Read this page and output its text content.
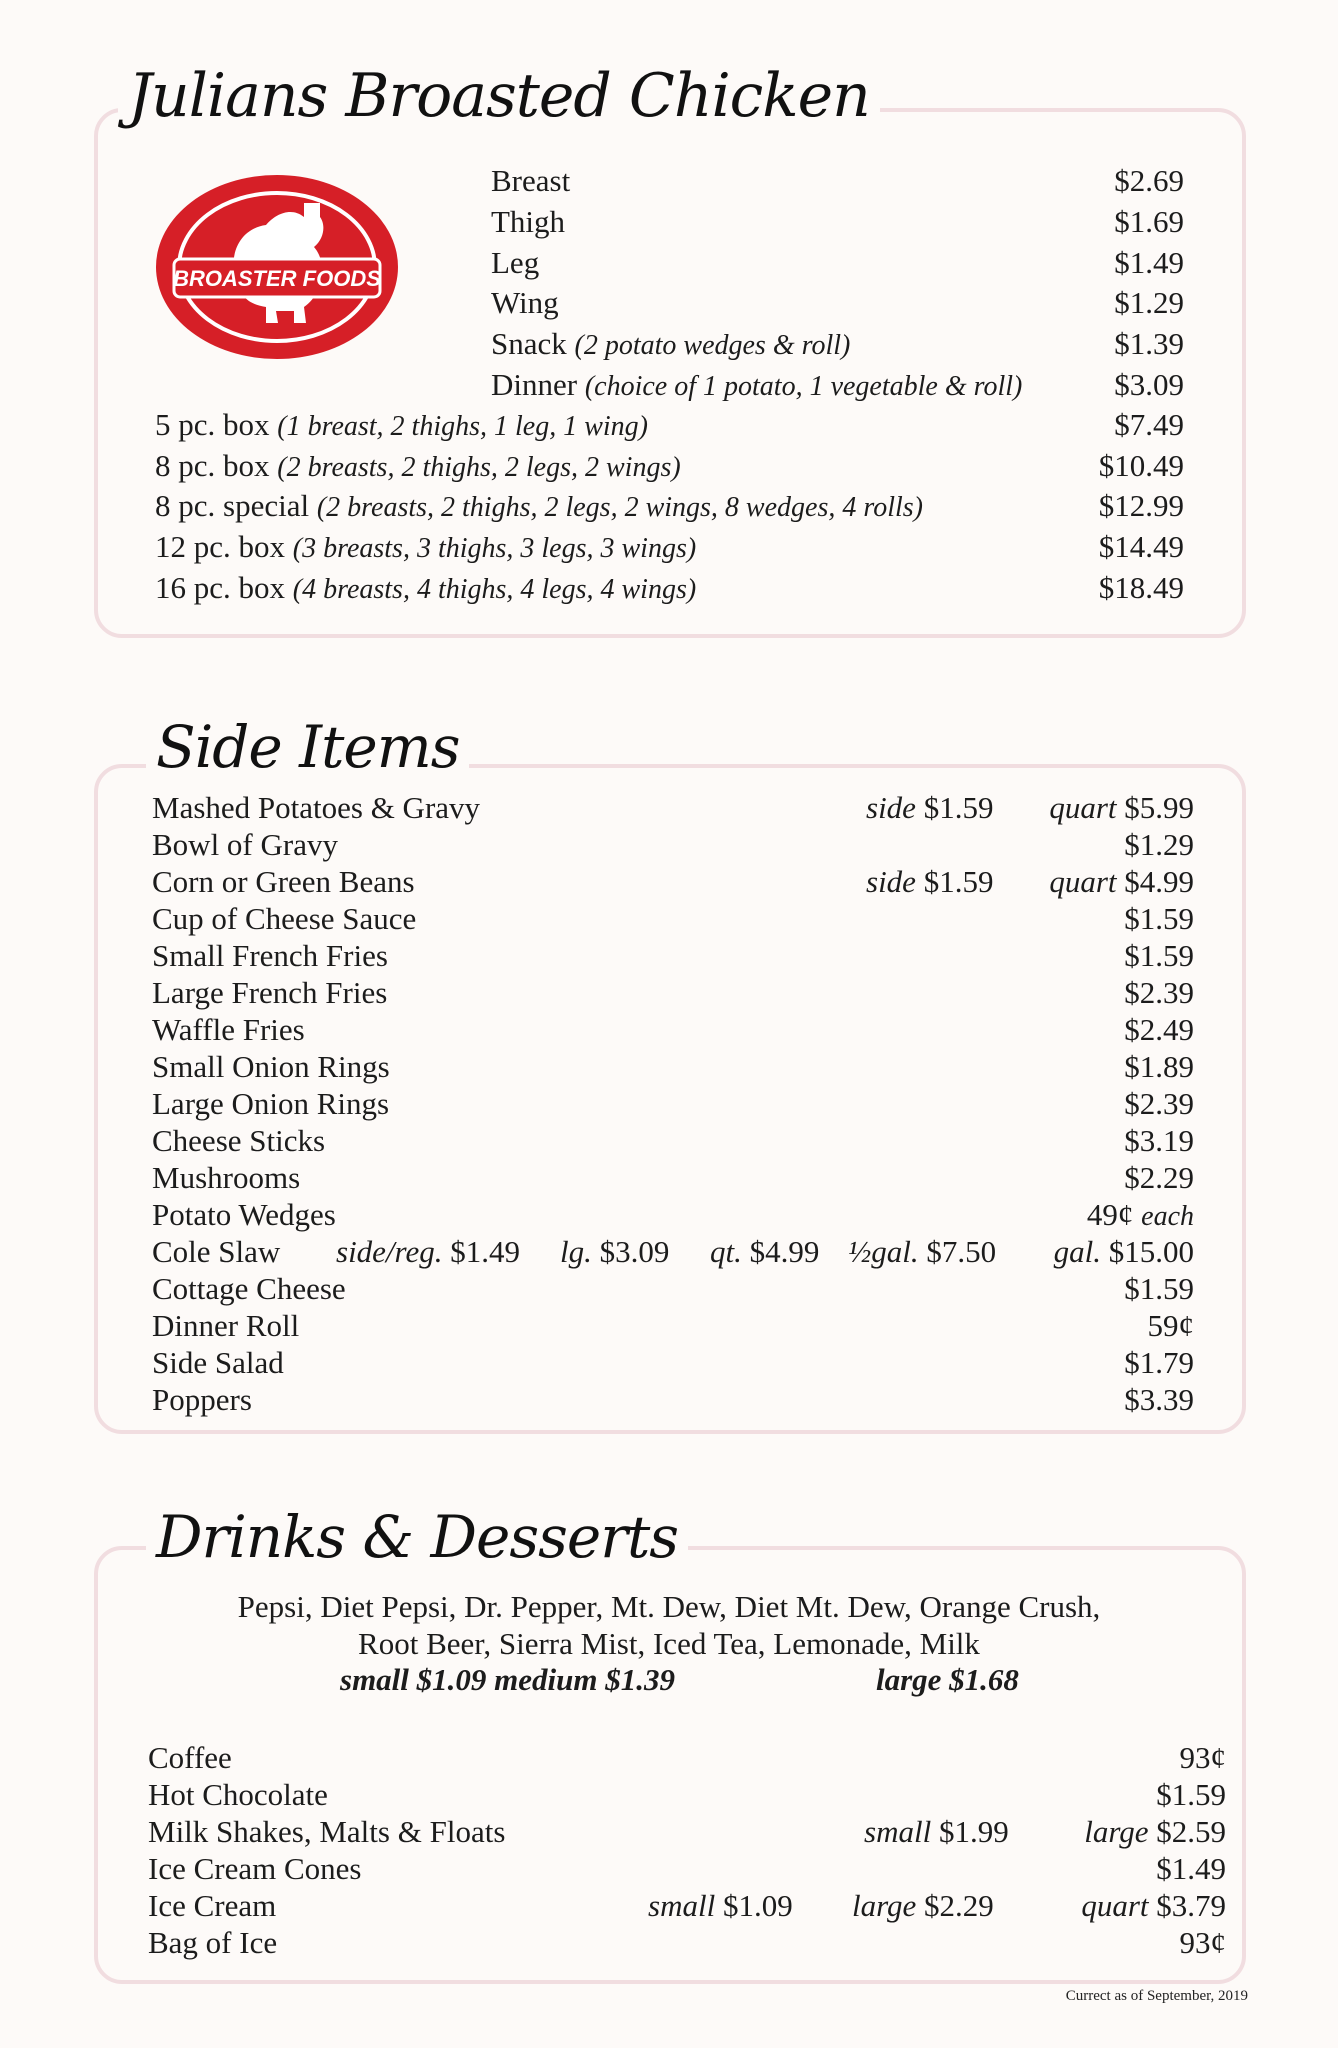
Julians Broasted Chicken
BROASTER FOODS
Breast	$2.69
Thigh	$1.69
Leg	$1.49
Wing	$1.29
Snack (2 potato wedges & roll)	$1.39
Dinner (choice of 1 potato, 1 vegetable & roll)	$3.09
5 pc. box (1 breast, 2 thighs, 1 leg, 1 wing)	$7.49
8 pc. box (2 breasts, 2 thighs, 2 legs, 2 wings)	$10.49
8 pc. special (2 breasts, 2 thighs, 2 legs, 2 wings, 8 wedges, 4 rolls)	$12.99
12 pc. box (3 breasts, 3 thighs, 3 legs, 3 wings)	$14.49
16 pc. box (4 breasts, 4 thighs, 4 legs, 4 wings)	$18.49
Side Items
Mashed Potatoes & Gravy	side $1.59 quart $5.99
Bowl of Gravy	$1.29
Corn or Green Beans	side $1.59 quart $4.99
Cup of Cheese Sauce	$1.59
Small French Fries	$1.59
Large French Fries	$2.39
Waffle Fries	$2.49
Small Onion Rings	$1.89
Large Onion Rings	$2.39
Cheese Sticks	$3.19
Mushrooms	$2.29
Potato Wedges	49¢ each
Cole Slaw side/reg. $1.49 lg. $3.09 qt. $4.99 ½gal. $7.50 gal. $15.00
Cottage Cheese	$1.59
Dinner Roll	59¢
Side Salad	$1.79
Poppers	$3.39
Drinks & Desserts
Pepsi, Diet Pepsi, Dr. Pepper, Mt. Dew, Diet Mt. Dew, Orange Crush,
Root Beer, Sierra Mist, Iced Tea, Lemonade, Milk
small $1.09 medium $1.39	large $1.68
Coffee	93¢
Hot Chocolate	$1.59
Milk Shakes, Malts & Floats	small $1.99 large $2.59
Ice Cream Cones	$1.49
Ice Cream	small $1.09 large $2.29	quart $3.79
Bag of Ice	93¢
Currect as of September, 2019
